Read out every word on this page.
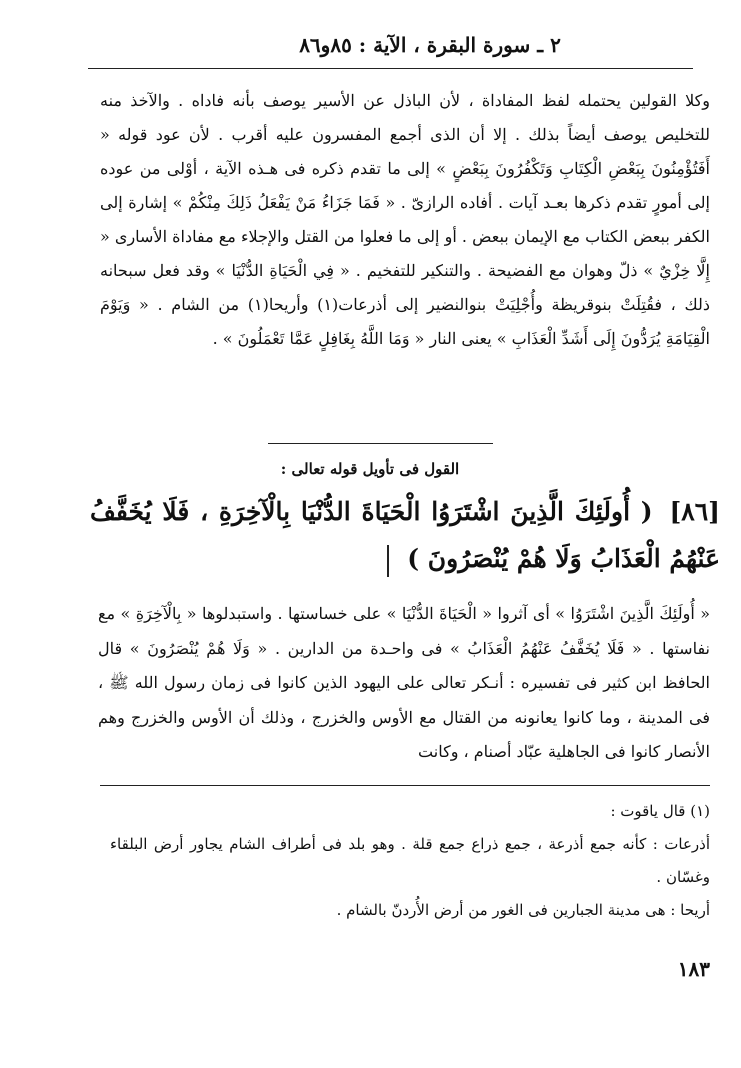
٢ ـ سورة البقرة ، الآية : ٨٥و٨٦

وكلا القولين يحتمله لفظ المفاداة ، لأن الباذل عن الأسير يوصف بأنه فاداه . والآخذ منه للتخليص يوصف أيضاً بذلك . إلا أن الذى أجمع المفسرون عليه أقرب . لأن عود قوله « أَفَتُؤْمِنُونَ بِبَعْضِ الْكِتَابِ وَتَكْفُرُونَ بِبَعْضٍ » إلى ما تقدم ذكره فى هـذه الآية ، أوْلى من عوده إلى أمورٍ تقدم ذكرها بعـد آيات . أفاده الرازىّ . « فَمَا جَزَاءُ مَنْ يَفْعَلُ ذَلِكَ مِنْكُمْ » إشارة إلى الكفر ببعض الكتاب مع الإيمان ببعض . أو إلى ما فعلوا من القتل والإجلاء مع مفاداة الأسارى « إِلَّا خِزْيٌ » ذلّ وهوان مع الفضيحة . والتنكير للتفخيم . « فِي الْحَيَاةِ الدُّنْيَا » وقد فعل سبحانه ذلك ، فقُتِلَتْ بنوقريظة وأُجْلِيَتْ بنوالنضير إلى أذرعات(١) وأريحا(١) من الشام . « وَيَوْمَ الْقِيَامَةِ يُرَدُّونَ إِلَى أَشَدِّ الْعَذَابِ » يعنى النار « وَمَا اللَّهُ بِغَافِلٍ عَمَّا تَعْمَلُونَ » .

القول فى تأويل قوله تعالى :
[٨٦] ( أُولَئِكَ الَّذِينَ اشْتَرَوُا الْحَيَاةَ الدُّنْيَا بِالْآخِرَةِ ، فَلَا يُخَفَّفُ عَنْهُمُ الْعَذَابُ وَلَا هُمْ يُنْصَرُونَ )
« أُولَئِكَ الَّذِينَ اشْتَرَوُا » أى آثروا « الْحَيَاةَ الدُّنْيَا » على خساستها . واستبدلوها « بِالْآخِرَةِ » مع نفاستها . « فَلَا يُخَفَّفُ عَنْهُمُ الْعَذَابُ » فى واحـدة من الدارين . « وَلَا هُمْ يُنْصَرُونَ » قال الحافظ ابن كثير فى تفسيره : أنـكر تعالى على اليهود الذين كانوا فى زمان رسول الله ﷺ ، فى المدينة ، وما كانوا يعانونه من القتال مع الأوس والخزرج ، وذلك أن الأوس والخزرج وهم الأنصار كانوا فى الجاهلية عبّاد أصنام ، وكانت

(١) قال ياقوت :

أذرعات : كأنه جمع أذرعة ، جمع ذراع جمع قلة . وهو بلد فى أطراف الشام يجاور أرض البلقاء وغسّان .

أريحا : هى مدينة الجبارين فى الغور من أرض الأُردنّ بالشام .

١٨٣
